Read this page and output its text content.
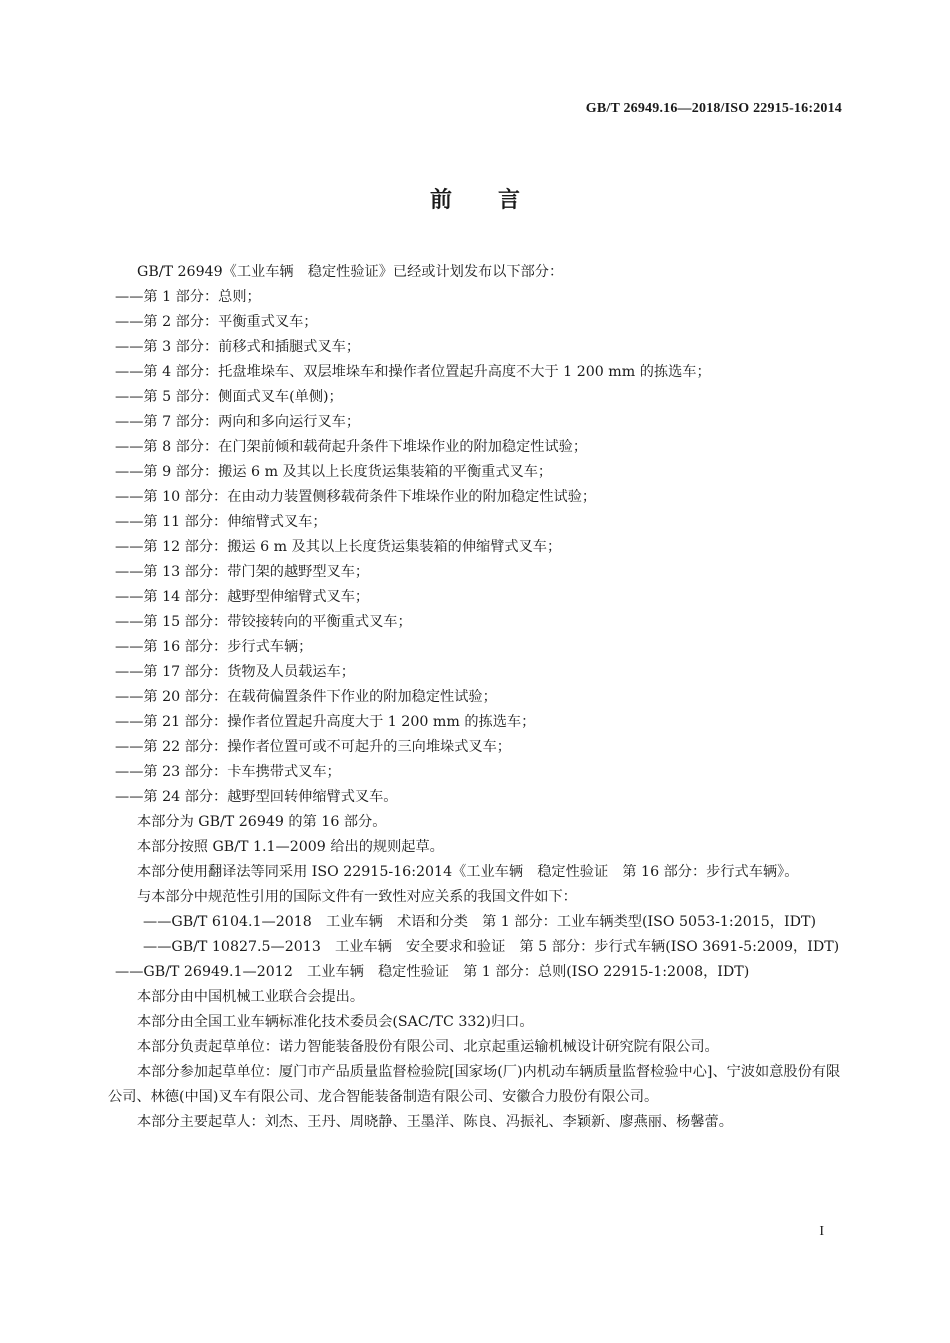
GB/T 26949.16—2018/ISO 22915-16:2014
前言

GB/T 26949《工业车辆　稳定性验证》已经或计划发布以下部分：

——第 1 部分：总则；

——第 2 部分：平衡重式叉车；

——第 3 部分：前移式和插腿式叉车；

——第 4 部分：托盘堆垛车、双层堆垛车和操作者位置起升高度不大于 1 200 mm 的拣选车；

——第 5 部分：侧面式叉车(单侧)；

——第 7 部分：两向和多向运行叉车；

——第 8 部分：在门架前倾和载荷起升条件下堆垛作业的附加稳定性试验；

——第 9 部分：搬运 6 m 及其以上长度货运集装箱的平衡重式叉车；

——第 10 部分：在由动力装置侧移载荷条件下堆垛作业的附加稳定性试验；

——第 11 部分：伸缩臂式叉车；

——第 12 部分：搬运 6 m 及其以上长度货运集装箱的伸缩臂式叉车；

——第 13 部分：带门架的越野型叉车；

——第 14 部分：越野型伸缩臂式叉车；

——第 15 部分：带铰接转向的平衡重式叉车；

——第 16 部分：步行式车辆；

——第 17 部分：货物及人员载运车；

——第 20 部分：在载荷偏置条件下作业的附加稳定性试验；

——第 21 部分：操作者位置起升高度大于 1 200 mm 的拣选车；

——第 22 部分：操作者位置可或不可起升的三向堆垛式叉车；

——第 23 部分：卡车携带式叉车；

——第 24 部分：越野型回转伸缩臂式叉车。

本部分为 GB/T 26949 的第 16 部分。

本部分按照 GB/T 1.1—2009 给出的规则起草。

本部分使用翻译法等同采用 ISO 22915-16:2014《工业车辆　稳定性验证　第 16 部分：步行式车辆》。

与本部分中规范性引用的国际文件有一致性对应关系的我国文件如下：

——GB/T 6104.1—2018　工业车辆　术语和分类　第 1 部分：工业车辆类型(ISO 5053-1:2015，IDT)

——GB/T 10827.5—2013　工业车辆　安全要求和验证　第 5 部分：步行式车辆(ISO 3691-5:2009，IDT)

——GB/T 26949.1—2012　工业车辆　稳定性验证　第 1 部分：总则(ISO 22915-1:2008，IDT)

本部分由中国机械工业联合会提出。

本部分由全国工业车辆标准化技术委员会(SAC/TC 332)归口。

本部分负责起草单位：诺力智能装备股份有限公司、北京起重运输机械设计研究院有限公司。

本部分参加起草单位：厦门市产品质量监督检验院[国家场(厂)内机动车辆质量监督检验中心]、宁波如意股份有限公司、林德(中国)叉车有限公司、龙合智能装备制造有限公司、安徽合力股份有限公司。

本部分主要起草人：刘杰、王丹、周晓静、王墨洋、陈良、冯振礼、李颖新、廖燕丽、杨馨蕾。

I
